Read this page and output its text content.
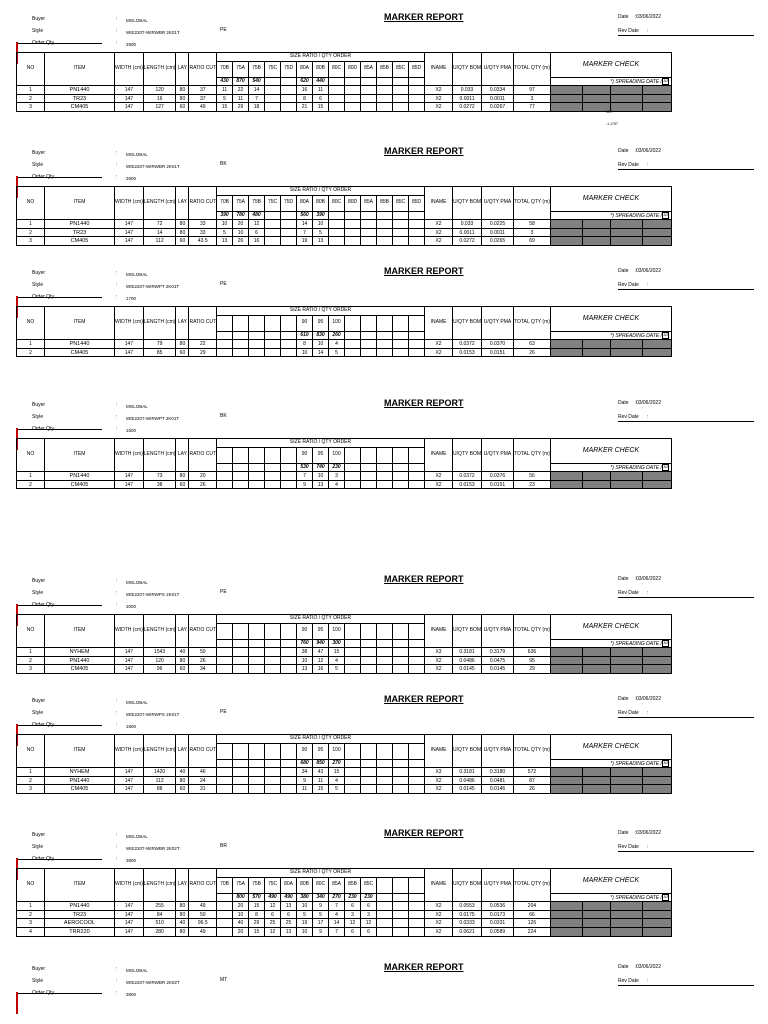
Buyer	: MGLOBAL
Style	: WIE2207-WIRWBR 2K01T
Order Qty	: 2900
PE
MARKER REPORT	Date :03/06/2022
Rev Date :
NO	ITEM	WIDTH (cm)	LENGTH (cm)	LAY	RATIO CUT	SIZE RATIO / QTY ORDER													INAME	U/QTY BOM	U/QTY PMA	TOTAL QTY (m)	MARKER CHECK			
						70B	75A	75B	75C	75D	80A	80B	80C	80D	85A	85B	85C	85D								
						430	870	540			620	440											*) SPREADING DATE /☑			
1	PN1440	147	120	80	37	11	22	14			16	11							X2	0.033	0.0334	97				
2	TR23	147	16	80	37	5	11	7			8	6							X2	0.0011	0.0011	3				
3	CM405	147	127	60	49	15	29	18			21	15							X2	0.0272	0.0267	77				
95.7
-1.1757
Buyer	: MGLOBAL
Style	: WIE2207-WIRWBR 2K01T
Order Qty	: 2600
BK
MARKER REPORT	Date :03/06/2022
Rev Date :
NO	ITEM	WIDTH (cm)	LENGTH (cm)	LAY	RATIO CUT	SIZE RATIO / QTY ORDER													INAME	U/QTY BOM	U/QTY PMA	TOTAL QTY (m)	MARKER CHECK			
						70B	75A	75B	75C	75D	80A	80B	80C	80D	85A	85B	85C	85D								
						390	780	480			560	390											*) SPREADING DATE /☑			
1	PN1440	147	72	80	33	10	20	12			14	10							X2	0.033	0.0225	58				
2	TR23	147	14	80	33	5	10	6			7	5							X2	0.0011	0.0011	3				
3	CM405	147	112	60	43.5	13	26	16			19	13							X2	0.0272	0.0265	69				
Buyer	: MGLOBAL
Style	: WIE2207-WIRWPT 2K01T
Order Qty	: 1700
PE
MARKER REPORT	Date :03/06/2022
Rev Date :
NO	ITEM	WIDTH (cm)	LENGTH (cm)	LAY	RATIO CUT	SIZE RATIO / QTY ORDER													INAME	U/QTY BOM	U/QTY PMA	TOTAL QTY (m)	MARKER CHECK			
											90	95	100													
											610	830	260										*) SPREADING DATE /☑			
1	PN1440	147	79	80	22						8	10	4						X2	0.0372	0.0370	63				
2	CM405	147	85	60	29						10	14	5						X2	0.0153	0.0151	26				
Buyer	: MGLOBAL
Style	: WIE2207-WIRWPT 2K01T
Order Qty	: 1500
BK
MARKER REPORT	Date :03/06/2022
Rev Date :
NO	ITEM	WIDTH (cm)	LENGTH (cm)	LAY	RATIO CUT	SIZE RATIO / QTY ORDER													INAME	U/QTY BOM	U/QTY PMA	TOTAL QTY (m)	MARKER CHECK			
											90	95	100													
											530	740	230										*) SPREADING DATE /☑			
1	PN1440	147	73	80	20						7	10	3						X2	0.0372	0.0376	56				
2	CM405	147	38	60	26						9	13	4						X2	0.0153	0.0151	23				
Buyer	: MGLOBAL
Style	: WIE2207-WIRWPS 2K01T
Order Qty	: 2000
PE
MARKER REPORT	Date :03/06/2022
Rev Date :
NO	ITEM	WIDTH (cm)	LENGTH (cm)	LAY	RATIO CUT	SIZE RATIO / QTY ORDER													INAME	U/QTY BOM	U/QTY PMA	TOTAL QTY (m)	MARKER CHECK			
											90	95	100													
											760	940	300										*) SPREADING DATE /☑			
1	NYHEM	147	1543	40	50						38	47	15						X3	0.3181	0.3179	636				
2	PN1440	147	120	80	26						10	12	4						X2	0.0486	0.0475	95				
3	CM405	147	96	60	34						13	16	5						X2	0.0145	0.0145	29				
Buyer	: MGLOBAL
Style	: WIE2207-WIRWPS 2K01T
Order Qty	: 1800
PE
MARKER REPORT	Date :03/06/2022
Rev Date :
NO	ITEM	WIDTH (cm)	LENGTH (cm)	LAY	RATIO CUT	SIZE RATIO / QTY ORDER													INAME	U/QTY BOM	U/QTY PMA	TOTAL QTY (m)	MARKER CHECK			
											90	95	100													
											680	850	270										*) SPREADING DATE /☑			
1	NYHEM	147	1420	40	46						34	43	15						X3	0.3181	0.3180	572				
2	PN1440	147	112	80	24						9	11	4						X2	0.0486	0.0481	87				
3	CM405	147	88	60	31						11	15	5						X2	0.0145	0.0146	26				
Buyer	: MGLOBAL
Style	: WIE2207-WIRWBR 2K02T
Order Qty	: 3800
BR
MARKER REPORT	Date :03/06/2022
Rev Date :
NO	ITEM	WIDTH (cm)	LENGTH (cm)	LAY	RATIO CUT	SIZE RATIO / QTY ORDER													INAME	U/QTY BOM	U/QTY PMA	TOTAL QTY (m)	MARKER CHECK			
						70B	75A	75B	75C	80A	80B	80C	85A	85B	85C											
							800	570	490	490	380	340	270	230	230								*) SPREADING DATE /☑			
1	PN1440	147	255	80	49		20	15	12	13	10	9	7	6	6				X2	0.0553	0.0536	204				
2	TR23	147	84	80	50		10	8	6	6	5	5	4	3	3				X2	0.0175	0.0173	66				
3	AEROCOOL	147	510	40	96.5		40	29	25	25	19	17	14	12	12				X2	0.0333	0.0331	126				
4	TRR220	147	280	80	49		20	15	12	13	10	9	7	6	6				X2	0.0621	0.0589	224				
Buyer	: MGLOBAL
Style	: WIE2207-WIRWBR 2K02T
Order Qty	: 3800
MT
MARKER REPORT	Date :03/06/2022
Rev Date :
